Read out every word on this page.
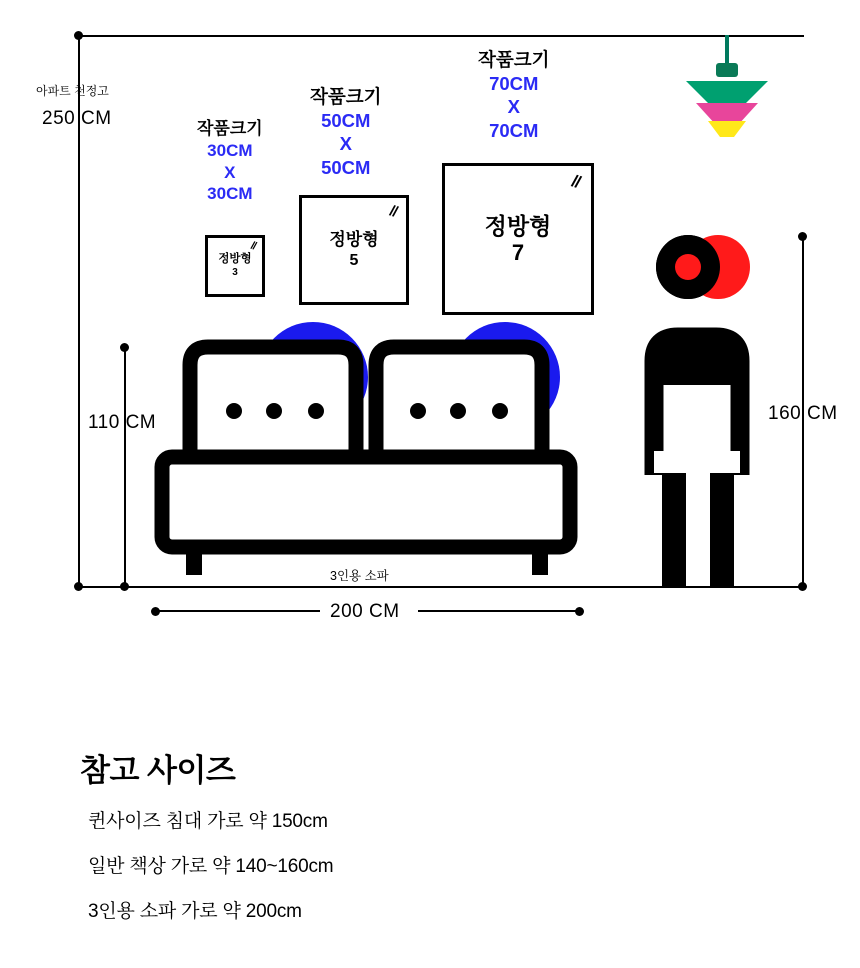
아파트 천정고
250 CM
110 CM	160 CM
200 CM
작품크기
30CM
X
30CM
작품크기
50CM
X
50CM
작품크기
70CM
X
70CM
//
정방형
3
//
정방형
5
//
정방형
7
3인용 소파
참고 사이즈
퀸사이즈 침대 가로 약 150cm
일반 책상 가로 약 140~160cm
3인용 소파 가로 약 200cm
